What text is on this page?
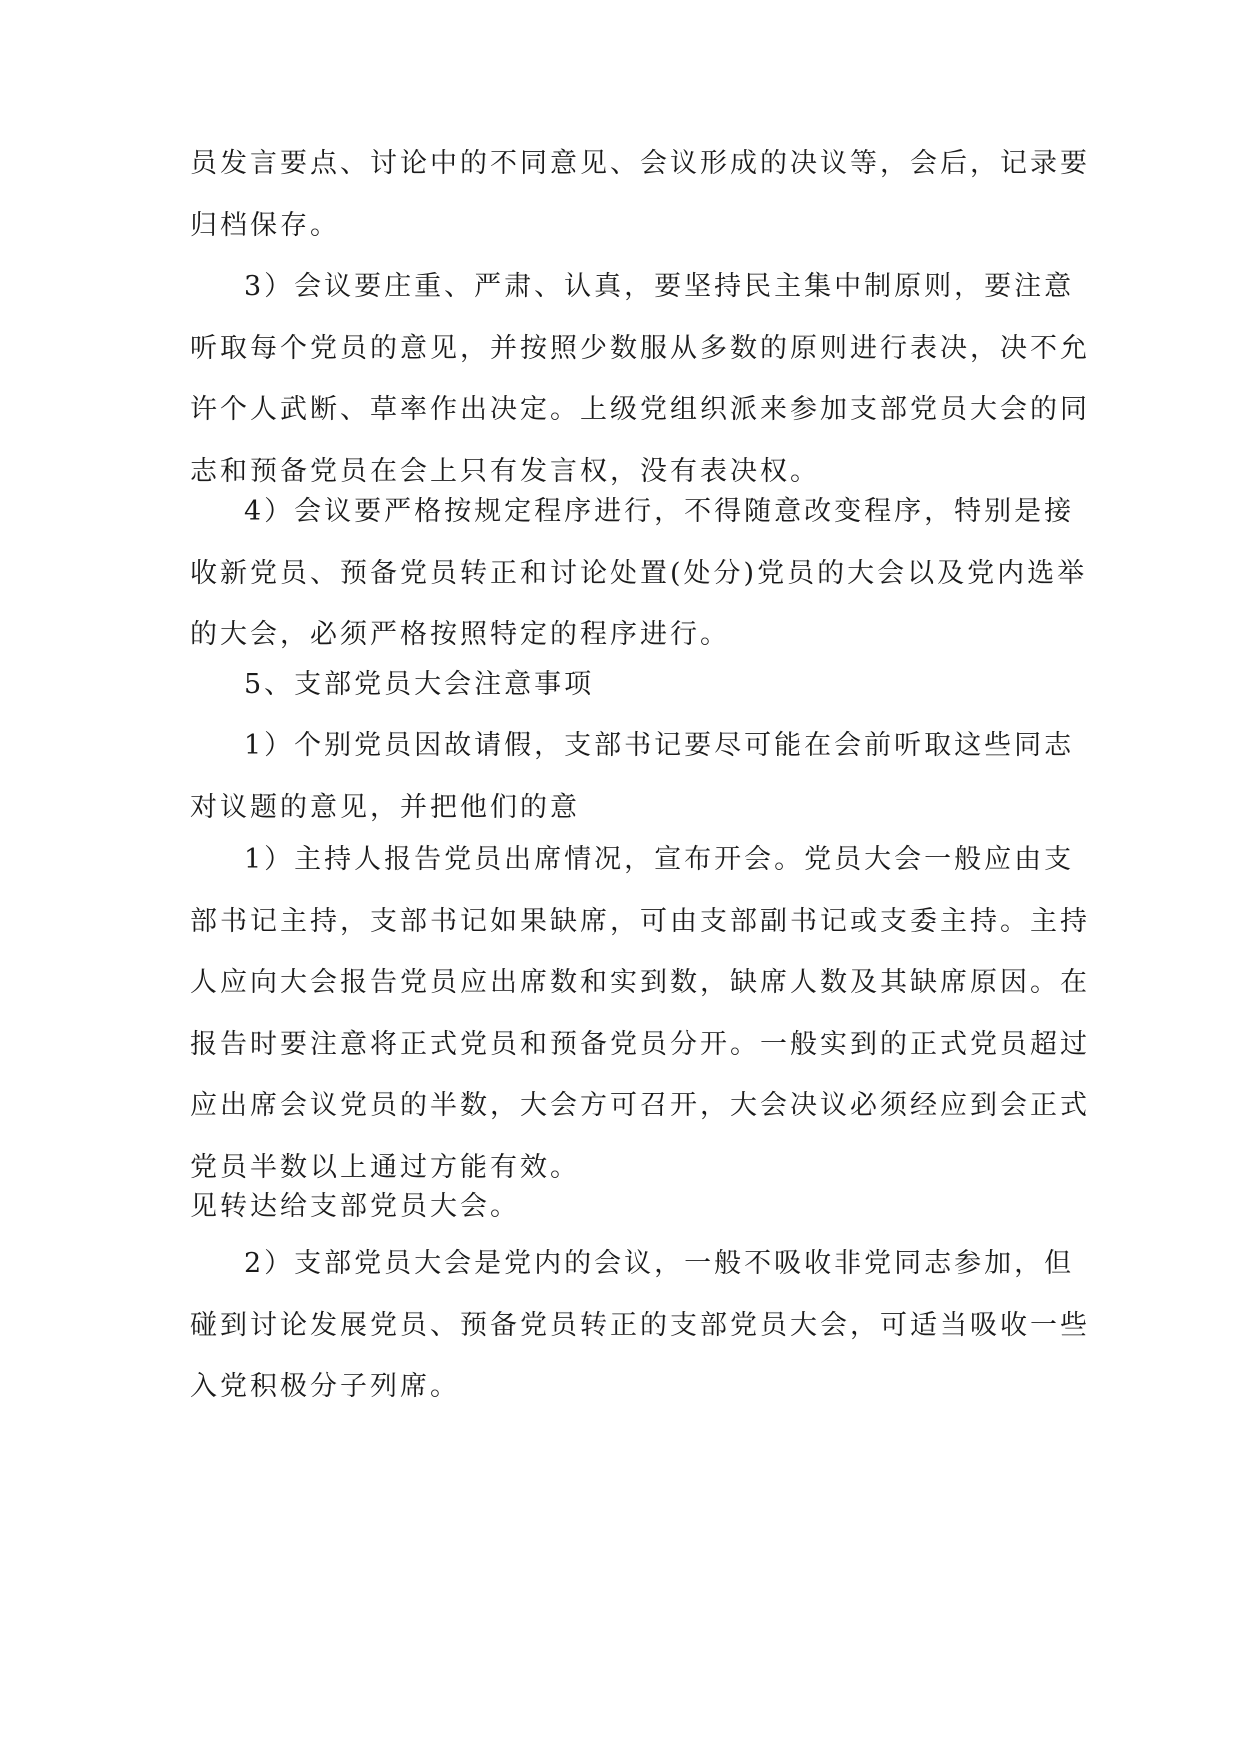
员发言要点、讨论中的不同意见、会议形成的决议等，会后，记录要
归档保存。
3）会议要庄重、严肃、认真，要坚持民主集中制原则，要注意
听取每个党员的意见，并按照少数服从多数的原则进行表决，决不允
许个人武断、草率作出决定。上级党组织派来参加支部党员大会的同
志和预备党员在会上只有发言权，没有表决权。
4）会议要严格按规定程序进行，不得随意改变程序，特别是接
收新党员、预备党员转正和讨论处置(处分)党员的大会以及党内选举
的大会，必须严格按照特定的程序进行。
5、支部党员大会注意事项
1）个别党员因故请假，支部书记要尽可能在会前听取这些同志
对议题的意见，并把他们的意
1）主持人报告党员出席情况，宣布开会。党员大会一般应由支
部书记主持，支部书记如果缺席，可由支部副书记或支委主持。主持
人应向大会报告党员应出席数和实到数，缺席人数及其缺席原因。在
报告时要注意将正式党员和预备党员分开。一般实到的正式党员超过
应出席会议党员的半数，大会方可召开，大会决议必须经应到会正式
党员半数以上通过方能有效。
见转达给支部党员大会。
2）支部党员大会是党内的会议，一般不吸收非党同志参加，但
碰到讨论发展党员、预备党员转正的支部党员大会，可适当吸收一些
入党积极分子列席。
